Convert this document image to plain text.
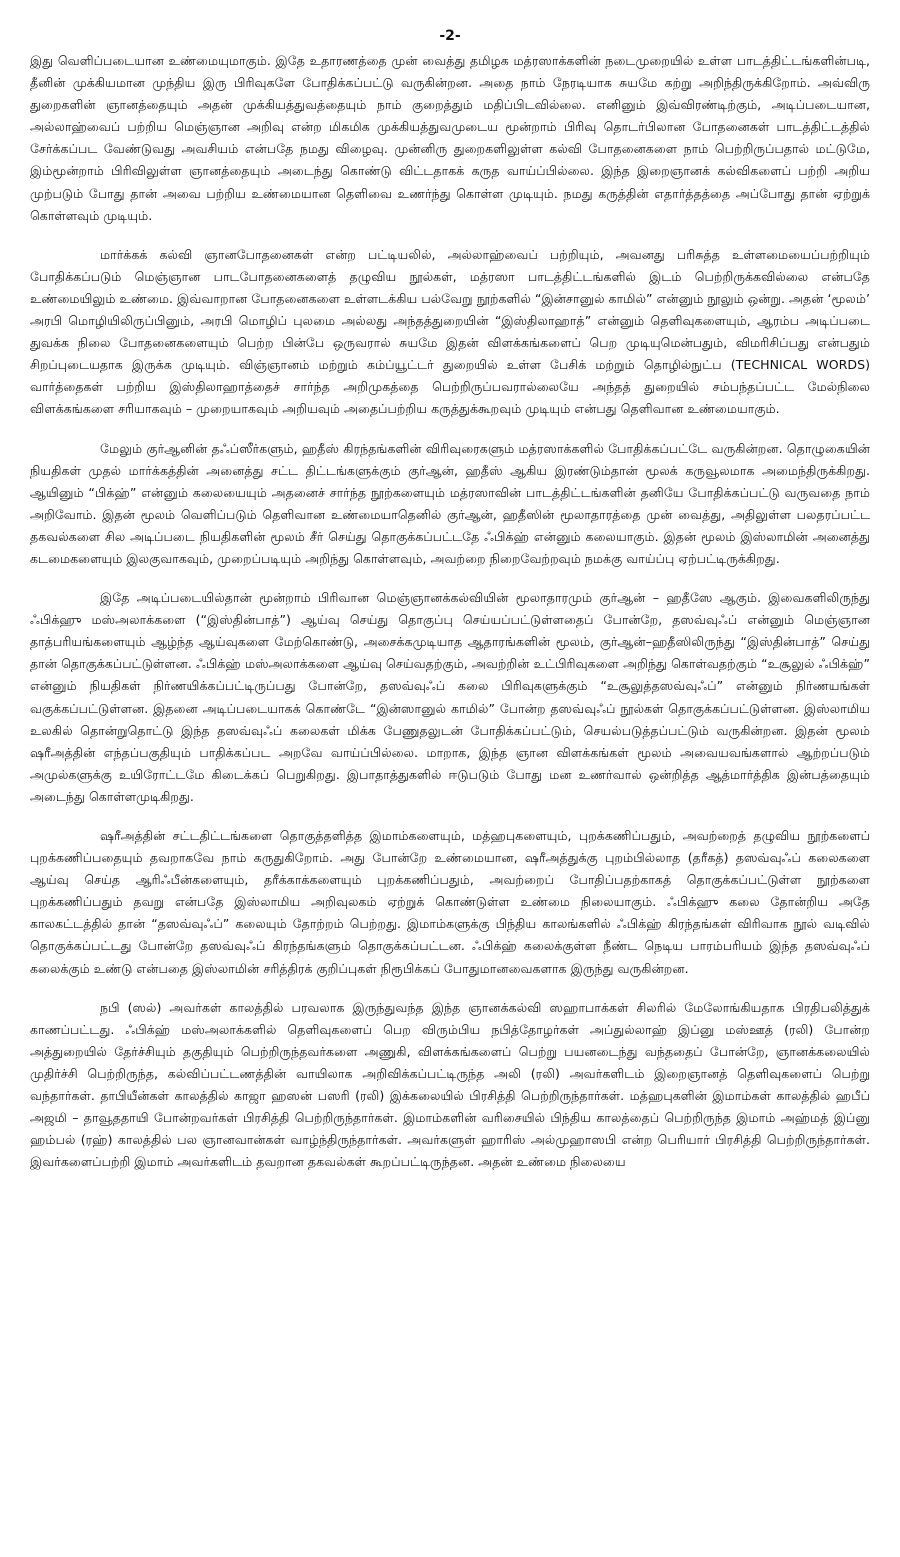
-2-

இது வெளிப்படையான உண்மையுமாகும். இதே உதாரணத்தை முன் வைத்து தமிழக மத்ரஸாக்களின் நடைமுறையில் உள்ள பாடத்திட்டங்களின்படி, தீனின் முக்கியமான முந்திய இரு பிரிவுகளே போதிக்கப்பட்டு வருகின்றன. அதை நாம் நேரடியாக சுயமே கற்று அறிந்திருக்கிறோம். அவ்விரு துறைகளின் ஞானத்தையும் அதன் முக்கியத்துவத்தையும் நாம் குறைத்தும் மதிப்பிடவில்லை. எனினும் இவ்விரண்டிற்கும், அடிப்படையான, அல்லாஹ்வைப் பற்றிய மெஞ்ஞான அறிவு என்ற மிகமிக முக்கியத்துவமுடைய மூன்றாம் பிரிவு தொடர்பிலான போதனைகள் பாடத்திட்டத்தில் சேர்க்கப்பட வேண்டுவது அவசியம் என்பதே நமது விழைவு. முன்னிரு துறைகளிலுள்ள கல்வி போதனைகளை நாம் பெற்றிருப்பதால் மட்டுமே, இம்மூன்றாம் பிரிவிலுள்ள ஞானத்தையும் அடைந்து கொண்டு விட்டதாகக் கருத வாய்ப்பில்லை. இந்த இறைஞானக் கல்விகளைப் பற்றி அறிய முற்படும் போது தான் அவை பற்றிய உண்மையான தெளிவை உணர்ந்து கொள்ள முடியும். நமது கருத்தின் எதார்த்தத்தை அப்போது தான் ஏற்றுக் கொள்ளவும் முடியும்.

மார்க்கக் கல்வி ஞானபோதனைகள் என்ற பட்டியலில், அல்லாஹ்வைப் பற்றியும், அவனது பரிசுத்த உள்ளமையைப்பற்றியும் போதிக்கப்படும் மெஞ்ஞான பாடபோதனைகளைத் தழுவிய நூல்கள், மத்ரஸா பாடத்திட்டங்களில் இடம் பெற்றிருக்கவில்லை என்பதே உண்மையிலும் உண்மை. இவ்வாறான போதனைகளை உள்ளடக்கிய பல்வேறு நூற்களில் “இன்சானுல் காமில்” என்னும் நூலும் ஒன்று. அதன் ‘மூலம்’ அரபி மொழியிலிருப்பினும், அரபி மொழிப் புலமை அல்லது அந்தத்துறையின் “இஸ்திலாஹாத்” என்னும் தெளிவுகளையும், ஆரம்ப அடிப்படை துவக்க நிலை போதனைகளையும் பெற்ற பின்பே ஒருவரால் சுயமே இதன் விளக்கங்களைப் பெற முடியுமென்பதும், விமரிசிப்பது என்பதும் சிறப்புடையதாக இருக்க முடியும். விஞ்ஞானம் மற்றும் கம்ப்யூட்டர் துறையில் உள்ள பேசிக் மற்றும் தொழில்நுட்ப (TECHNICAL WORDS) வார்த்தைகள் பற்றிய இஸ்திலாஹாத்தைச் சார்ந்த அறிமுகத்தை பெற்றிருப்பவரால்லையே அந்தத் துறையில் சம்பந்தப்பட்ட மேல்நிலை விளக்கங்களை சரியாகவும் – முறையாகவும் அறியவும் அதைப்பற்றிய கருத்துக்கூறவும் முடியும் என்பது தெளிவான உண்மையாகும்.

மேலும் குர்ஆனின் தஃப்ஸீர்களும், ஹதீஸ் கிரந்தங்களின் விரிவுரைகளும் மத்ரஸாக்களில் போதிக்கப்பட்டே வருகின்றன. தொழுகையின் நியதிகள் முதல் மார்க்கத்தின் அனைத்து சட்ட திட்டங்களுக்கும் குர்ஆன், ஹதீஸ் ஆகிய இரண்டும்தான் மூலக் கருவூலமாக அமைந்திருக்கிறது. ஆயினும் “பிக்ஹ்” என்னும் கலையையும் அதனைச் சார்ந்த நூற்களையும் மத்ரஸாவின் பாடத்திட்டங்களின் தனியே போதிக்கப்பட்டு வருவதை நாம் அறிவோம். இதன் மூலம் வெளிப்படும் தெளிவான உண்மையாதெனில் குர்ஆன், ஹதீஸின் மூலாதாரத்தை முன் வைத்து, அதிலுள்ள பலதரப்பட்ட தகவல்களை சில அடிப்படை நியதிகளின் மூலம் சீர் செய்து தொகுக்கப்பட்டதே ஃபிக்ஹ் என்னும் கலையாகும். இதன் மூலம் இஸ்லாமின் அனைத்து கடமைகளையும் இலகுவாகவும், முறைப்படியும் அறிந்து கொள்ளவும், அவற்றை நிறைவேற்றவும் நமக்கு வாய்ப்பு ஏற்பட்டிருக்கிறது.

இதே அடிப்படையில்தான் மூன்றாம் பிரிவான மெஞ்ஞானக்கல்வியின் மூலாதாரமும் குர்ஆன் – ஹதீஸே ஆகும். இவைகளிலிருந்து ஃபிக்ஹு மஸ்அலாக்களை (“இஸ்தின்பாத்”) ஆய்வு செய்து தொகுப்பு செய்யப்பட்டுள்ளதைப் போன்றே, தஸவ்வுஃப் என்னும் மெஞ்ஞான தாத்பரியங்களையும் ஆழ்ந்த ஆய்வுகளை மேற்கொண்டு, அசைக்கமுடியாத ஆதாரங்களின் மூலம், குர்ஆன்–ஹதீஸிலிருந்து “இஸ்தின்பாத்” செய்து தான் தொகுக்கப்பட்டுள்ளன. ஃபிக்ஹ் மஸ்அலாக்களை ஆய்வு செய்வதற்கும், அவற்றின் உட்பிரிவுகளை அறிந்து கொள்வதற்கும் “உசூலுல் ஃபிக்ஹ்” என்னும் நியதிகள் நிர்ணயிக்கப்பட்டிருப்பது போன்றே, தஸவ்வுஃப் கலை பிரிவுகளுக்கும் “உசூலுத்தஸவ்வுஃப்” என்னும் நிர்ணயங்கள் வகுக்கப்பட்டுள்ளன. இதனை அடிப்படையாகக் கொண்டே “இன்ஸானுல் காமில்” போன்ற தஸவ்வுஃப் நூல்கள் தொகுக்கப்பட்டுள்ளன. இஸ்லாமிய உலகில் தொன்றுதொட்டு இந்த தஸவ்வுஃப் கலைகள் மிக்க பேணுதலுடன் போதிக்கப்பட்டும், செயல்படுத்தப்பட்டும் வருகின்றன. இதன் மூலம் ஷரீஅத்தின் எந்தப்பகுதியும் பாதிக்கப்பட அறவே வாய்ப்பில்லை. மாறாக, இந்த ஞான விளக்கங்கள் மூலம் அவையவங்களால் ஆற்றப்படும் அமுல்களுக்கு உயிரோட்டமே கிடைக்கப் பெறுகிறது. இபாதாத்துகளில் ஈடுபடும் போது மன உணர்வால் ஒன்றித்த ஆத்மார்த்திக இன்பத்தையும் அடைந்து கொள்ளமுடிகிறது.

ஷரீஅத்தின் சட்டதிட்டங்களை தொகுத்தளித்த இமாம்களையும், மத்ஹபுகளையும், புறக்கணிப்பதும், அவற்றைத் தழுவிய நூற்களைப் புறக்கணிப்பதையும் தவறாகவே நாம் கருதுகிறோம். அது போன்றே உண்மையான, ஷரீஅத்துக்கு புறம்பில்லாத (தரீகத்) தஸவ்வுஃப் கலைகளை ஆய்வு செய்த ஆரிஃபீன்களையும், தரீக்காக்களையும் புறக்கணிப்பதும், அவற்றைப் போதிப்பதற்காகத் தொகுக்கப்பட்டுள்ள நூற்களை புறக்கணிப்பதும் தவறு என்பதே இஸ்லாமிய அறிவுலகம் ஏற்றுக் கொண்டுள்ள உண்மை நிலையாகும். ஃபிக்ஹு கலை தோன்றிய அதே காலகட்டத்தில் தான் “தஸவ்வுஃப்” கலையும் தோற்றம் பெற்றது. இமாம்களுக்கு பிந்திய காலங்களில் ஃபிக்ஹ் கிரந்தங்கள் விரிவாக நூல் வடிவில் தொகுக்கப்பட்டது போன்றே தஸவ்வுஃப் கிரந்தங்களும் தொகுக்கப்பட்டன. ஃபிக்ஹ் கலைக்குள்ள நீண்ட நெடிய பாரம்பரியம் இந்த தஸவ்வுஃப் கலைக்கும் உண்டு என்பதை இஸ்லாமின் சரித்திரக் குறிப்புகள் நிரூபிக்கப் போதுமானவைகளாக இருந்து வருகின்றன.

நபி (ஸல்) அவர்கள் காலத்தில் பரவலாக இருந்துவந்த இந்த ஞானக்கல்வி ஸஹாபாக்கள் சிலரில் மேலோங்கியதாக பிரதிபலித்துக் காணப்பட்டது. ஃபிக்ஹ் மஸ்அலாக்களில் தெளிவுகளைப் பெற விரும்பிய நபித்தோழர்கள் அப்துல்லாஹ் இப்னு மஸ்ஊத் (ரலி) போன்ற அத்துறையில் தேர்ச்சியும் தகுதியும் பெற்றிருந்தவர்களை அணுகி, விளக்கங்களைப் பெற்று பயனடைந்து வந்ததைப் போன்றே, ஞானக்கலையில் முதிர்ச்சி பெற்றிருந்த, கல்விப்பட்டணத்தின் வாயிலாக அறிவிக்கப்பட்டிருந்த அலி (ரலி) அவர்களிடம் இறைஞானத் தெளிவுகளைப் பெற்று வந்தார்கள். தாபியீன்கள் காலத்தில் காஜா ஹஸன் பஸரி (ரலி) இக்கலையில் பிரசித்தி பெற்றிருந்தார்கள். மத்ஹபுகளின் இமாம்கள் காலத்தில் ஹபீப் அஜமி – தாவூததாயி போன்றவர்கள் பிரசித்தி பெற்றிருந்தார்கள். இமாம்களின் வரிசையில் பிந்திய காலத்தைப் பெற்றிருந்த இமாம் அஹ்மத் இப்னு ஹம்பல் (ரஹ்) காலத்தில் பல ஞானவான்கள் வாழ்ந்திருந்தார்கள். அவர்களுள் ஹாரிஸ் அல்முஹாஸபி என்ற பெரியார் பிரசித்தி பெற்றிருந்தார்கள். இவர்களைப்பற்றி இமாம் அவர்களிடம் தவறான தகவல்கள் கூறப்பட்டிருந்தன. அதன் உண்மை நிலையை
